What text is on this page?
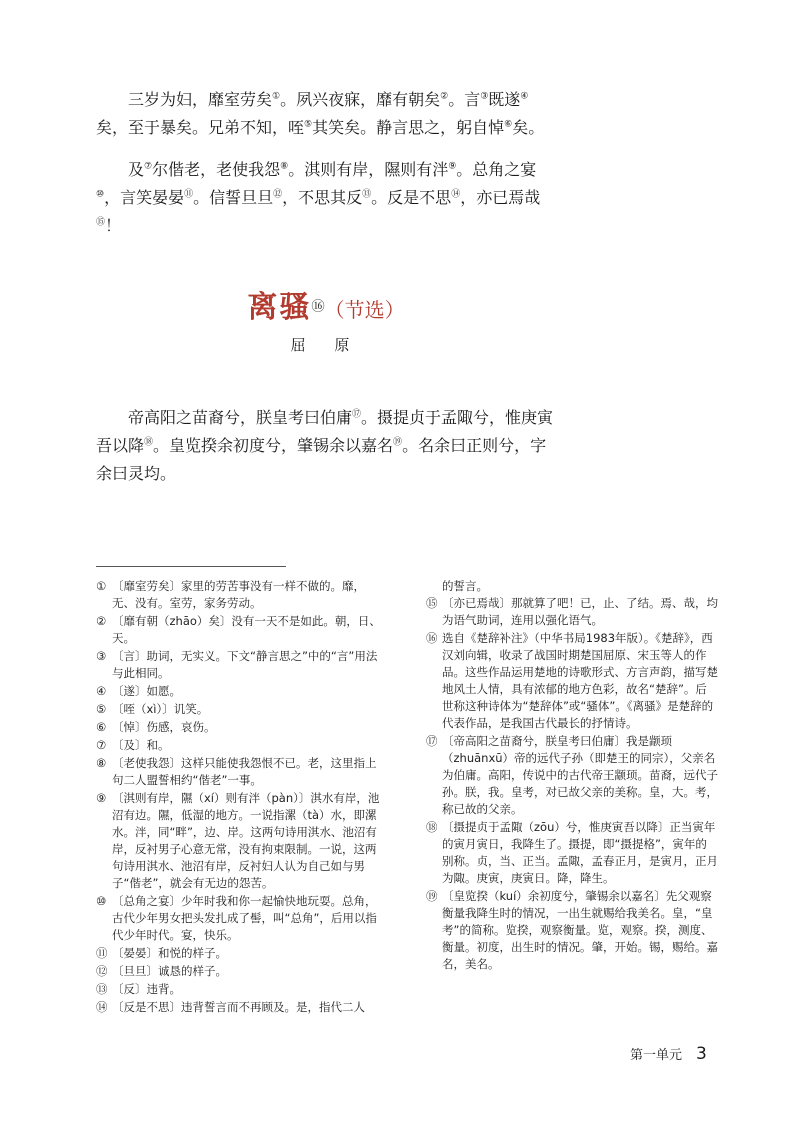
三岁为妇，靡室劳矣①。夙兴夜寐，靡有朝矣②。言③既遂④矣，至于暴矣。兄弟不知，咥⑤其笑矣。静言思之，躬自悼⑥矣。

及⑦尔偕老，老使我怨⑧。淇则有岸，隰则有泮⑨。总角之宴⑩，言笑晏晏⑪。信誓旦旦⑫，不思其反⑬。反是不思⑭，亦已焉哉⑮！

离骚⑯（节选）
屈 原

帝高阳之苗裔兮，朕皇考曰伯庸⑰。摄提贞于孟陬兮，惟庚寅吾以降⑱。皇览揆余初度兮，肇锡余以嘉名⑲。名余曰正则兮，字余曰灵均。

① 〔靡室劳矣〕家里的劳苦事没有一样不做的。靡，无、没有。室劳，家务劳动。

② 〔靡有朝（zhāo）矣〕没有一天不是如此。朝，日、天。

③ 〔言〕助词，无实义。下文“静言思之”中的“言”用法与此相同。

④ 〔遂〕如愿。

⑤ 〔咥（xì）〕讥笑。

⑥ 〔悼〕伤感，哀伤。

⑦ 〔及〕和。

⑧ 〔老使我怨〕这样只能使我怨恨不已。老，这里指上句二人盟誓相约“偕老”一事。

⑨ 〔淇则有岸，隰（xí）则有泮（pàn）〕淇水有岸，池沼有边。隰，低湿的地方。一说指漯（tà）水，即漯水。泮，同“畔”，边、岸。这两句诗用淇水、池沼有岸，反衬男子心意无常，没有拘束限制。一说，这两句诗用淇水、池沼有岸，反衬妇人认为自己如与男子“偕老”，就会有无边的怨苦。

⑩ 〔总角之宴〕少年时我和你一起愉快地玩耍。总角，古代少年男女把头发扎成了髻，叫“总角”，后用以指代少年时代。宴，快乐。

⑪ 〔晏晏〕和悦的样子。

⑫ 〔旦旦〕诚恳的样子。

⑬ 〔反〕违背。

⑭ 〔反是不思〕违背誓言而不再顾及。是，指代二人

的誓言。

⑮ 〔亦已焉哉〕那就算了吧！已，止、了结。焉、哉，均为语气助词，连用以强化语气。

⑯ 选自《楚辞补注》（中华书局1983年版）。《楚辞》，西汉刘向辑，收录了战国时期楚国屈原、宋玉等人的作品。这些作品运用楚地的诗歌形式、方言声韵，描写楚地风土人情，具有浓郁的地方色彩，故名“楚辞”。后世称这种诗体为“楚辞体”或“骚体”。《离骚》是楚辞的代表作品，是我国古代最长的抒情诗。

⑰ 〔帝高阳之苗裔兮，朕皇考曰伯庸〕我是颛顼（zhuānxū）帝的远代子孙（即楚王的同宗），父亲名为伯庸。高阳，传说中的古代帝王颛顼。苗裔，远代子孙。朕，我。皇考，对已故父亲的美称。皇，大。考，称已故的父亲。

⑱ 〔摄提贞于孟陬（zōu）兮，惟庚寅吾以降〕正当寅年的寅月寅日，我降生了。摄提，即“摄提格”，寅年的别称。贞，当、正当。孟陬，孟春正月，是寅月，正月为陬。庚寅，庚寅日。降，降生。

⑲ 〔皇览揆（kuí）余初度兮，肇锡余以嘉名〕先父观察衡量我降生时的情况，一出生就赐给我美名。皇，“皇考”的简称。览揆，观察衡量。览，观察。揆，测度、衡量。初度，出生时的情况。肇，开始。锡，赐给。嘉名，美名。

第一单元 3
